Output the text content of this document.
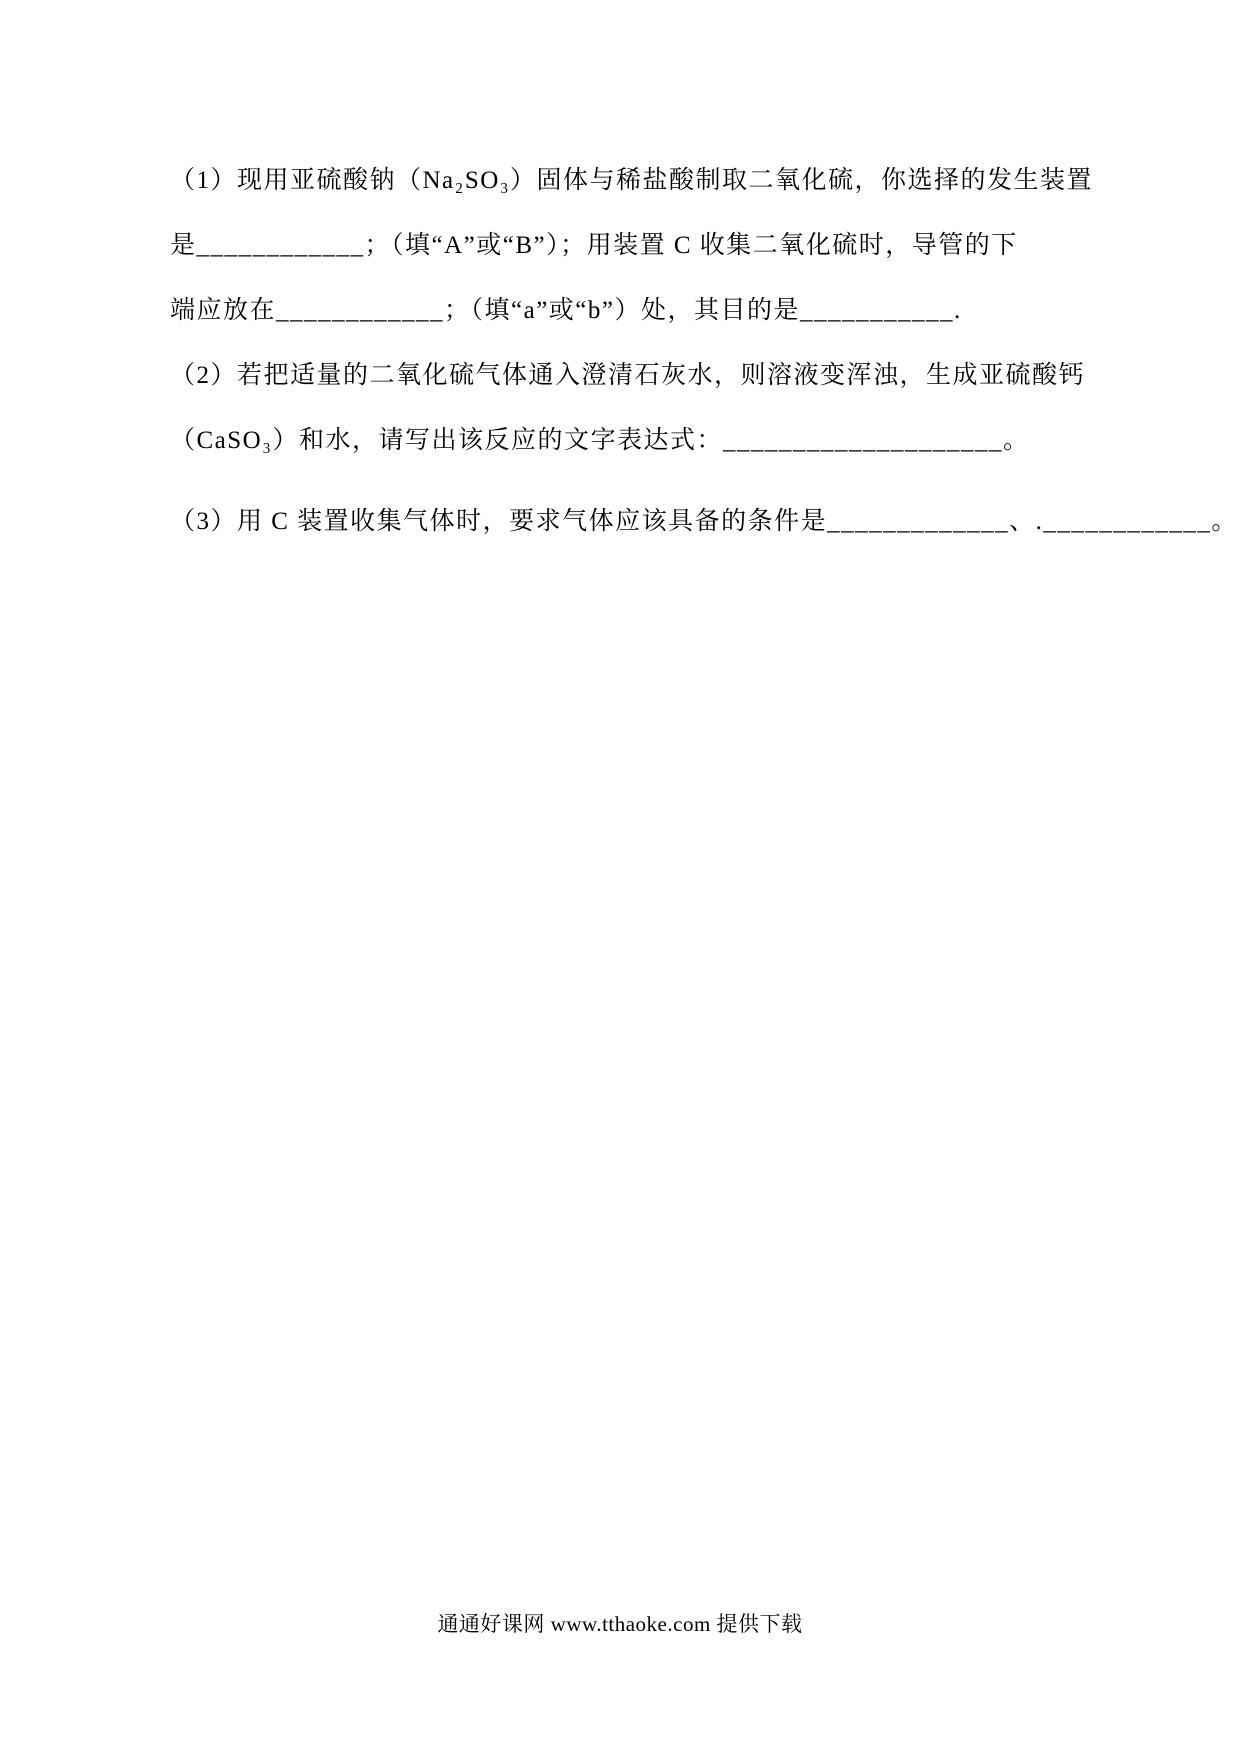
（1）现用亚硫酸钠（Na₂SO₃）固体与稀盐酸制取二氧化硫，你选择的发生装置

是____________；（填“A”或“B”）；用装置 C 收集二氧化硫时，导管的下

端应放在____________；（填“a”或“b”）处，其目的是___________.

（2）若把适量的二氧化硫气体通入澄清石灰水，则溶液变浑浊，生成亚硫酸钙

（CaSO₃）和水，请写出该反应的文字表达式：____________________。

（3）用 C 装置收集气体时，要求气体应该具备的条件是_____________、.____________。

通通好课网 www.tthaoke.com 提供下载
